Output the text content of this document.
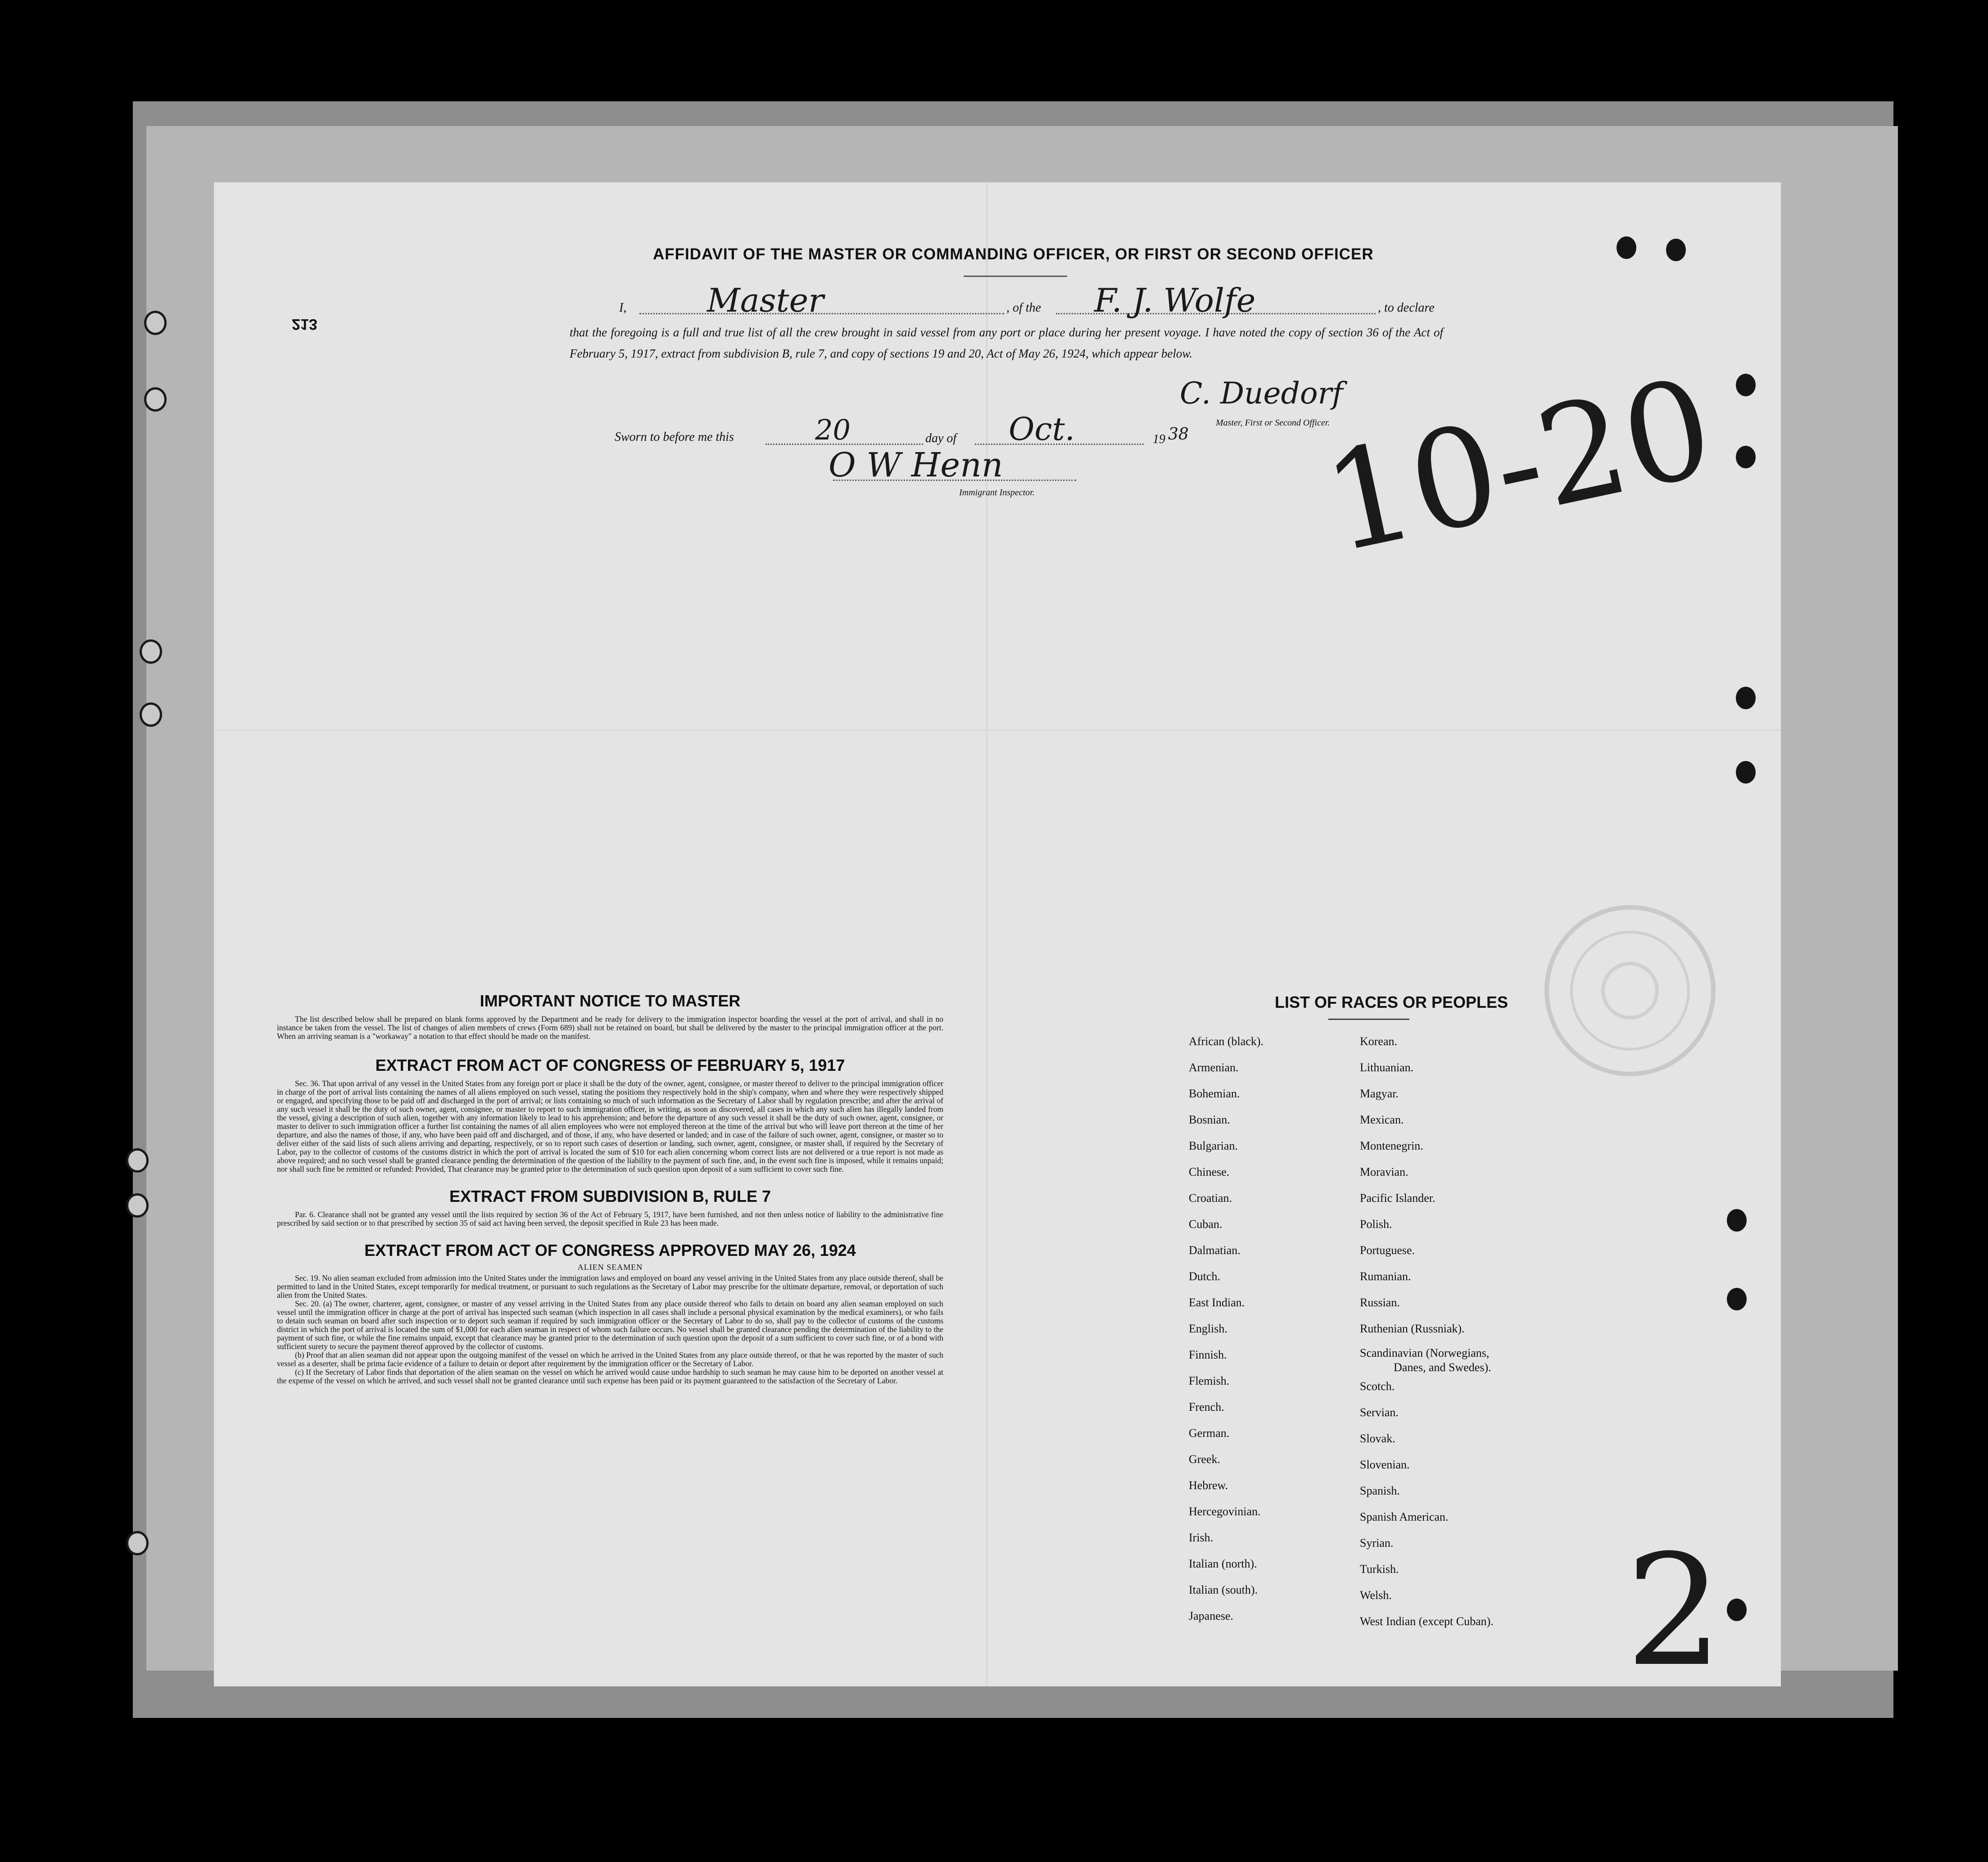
213
AFFIDAVIT OF THE MASTER OR COMMANDING OFFICER, OR FIRST OR SECOND OFFICER
I, Master	, of the F. J. Wolfe	, to declare
that the foregoing is a full and true list of all the crew brought in said vessel from any port or place during her present voyage. I have noted the copy of section 36 of the Act of February 5, 1917, extract from subdivision B, rule 7, and copy of sections 19 and 20, Act of May 26, 1924, which appear below.
C. Duedorf
Master, First or Second Officer.
Sworn to before me this	20	day of Oct.	19 38
O W Henn
Immigrant Inspector. 10-20
2
IMPORTANT NOTICE TO MASTER

The list described below shall be prepared on blank forms approved by the Department and be ready for delivery to the immigration inspector boarding the vessel at the port of arrival, and shall in no instance be taken from the vessel. The list of changes of alien members of crews (Form 689) shall not be retained on board, but shall be delivered by the master to the principal immigration officer at the port. When an arriving seaman is a "workaway" a notation to that effect should be made on the manifest.

EXTRACT FROM ACT OF CONGRESS OF FEBRUARY 5, 1917

Sec. 36. That upon arrival of any vessel in the United States from any foreign port or place it shall be the duty of the owner, agent, consignee, or master thereof to deliver to the principal immigration officer in charge of the port of arrival lists containing the names of all aliens employed on such vessel, stating the positions they respectively hold in the ship's company, when and where they were respectively shipped or engaged, and specifying those to be paid off and discharged in the port of arrival; or lists containing so much of such information as the Secretary of Labor shall by regulation prescribe; and after the arrival of any such vessel it shall be the duty of such owner, agent, consignee, or master to report to such immigration officer, in writing, as soon as discovered, all cases in which any such alien has illegally landed from the vessel, giving a description of such alien, together with any information likely to lead to his apprehension; and before the departure of any such vessel it shall be the duty of such owner, agent, consignee, or master to deliver to such immigration officer a further list containing the names of all alien employees who were not employed thereon at the time of the arrival but who will leave port thereon at the time of her departure, and also the names of those, if any, who have been paid off and discharged, and of those, if any, who have deserted or landed; and in case of the failure of such owner, agent, consignee, or master so to deliver either of the said lists of such aliens arriving and departing, respectively, or so to report such cases of desertion or landing, such owner, agent, consignee, or master shall, if required by the Secretary of Labor, pay to the collector of customs of the customs district in which the port of arrival is located the sum of $10 for each alien concerning whom correct lists are not delivered or a true report is not made as above required; and no such vessel shall be granted clearance pending the determination of the question of the liability to the payment of such fine, and, in the event such fine is imposed, while it remains unpaid; nor shall such fine be remitted or refunded: Provided, That clearance may be granted prior to the determination of such question upon deposit of a sum sufficient to cover such fine.

EXTRACT FROM SUBDIVISION B, RULE 7

Par. 6. Clearance shall not be granted any vessel until the lists required by section 36 of the Act of February 5, 1917, have been furnished, and not then unless notice of liability to the administrative fine prescribed by said section or to that prescribed by section 35 of said act having been served, the deposit specified in Rule 23 has been made.

EXTRACT FROM ACT OF CONGRESS APPROVED MAY 26, 1924
ALIEN SEAMEN

Sec. 19. No alien seaman excluded from admission into the United States under the immigration laws and employed on board any vessel arriving in the United States from any place outside thereof, shall be permitted to land in the United States, except temporarily for medical treatment, or pursuant to such regulations as the Secretary of Labor may prescribe for the ultimate departure, removal, or deportation of such alien from the United States.

Sec. 20. (a) The owner, charterer, agent, consignee, or master of any vessel arriving in the United States from any place outside thereof who fails to detain on board any alien seaman employed on such vessel until the immigration officer in charge at the port of arrival has inspected such seaman (which inspection in all cases shall include a personal physical examination by the medical examiners), or who fails to detain such seaman on board after such inspection or to deport such seaman if required by such immigration officer or the Secretary of Labor to do so, shall pay to the collector of customs of the customs district in which the port of arrival is located the sum of $1,000 for each alien seaman in respect of whom such failure occurs. No vessel shall be granted clearance pending the determination of the liability to the payment of such fine, or while the fine remains unpaid, except that clearance may be granted prior to the determination of such question upon the deposit of a sum sufficient to cover such fine, or of a bond with sufficient surety to secure the payment thereof approved by the collector of customs.

(b) Proof that an alien seaman did not appear upon the outgoing manifest of the vessel on which he arrived in the United States from any place outside thereof, or that he was reported by the master of such vessel as a deserter, shall be prima facie evidence of a failure to detain or deport after requirement by the immigration officer or the Secretary of Labor.

(c) If the Secretary of Labor finds that deportation of the alien seaman on the vessel on which he arrived would cause undue hardship to such seaman he may cause him to be deported on another vessel at the expense of the vessel on which he arrived, and such vessel shall not be granted clearance until such expense has been paid or its payment guaranteed to the satisfaction of the Secretary of Labor.

LIST OF RACES OR PEOPLES
African (black).
Armenian.
Bohemian.
Bosnian.
Bulgarian.
Chinese.
Croatian.
Cuban.
Dalmatian.
Dutch.
East Indian.
English.
Finnish.
Flemish.
French.
German.
Greek.
Hebrew.
Hercegovinian.
Irish.
Italian (north).
Italian (south).
Japanese.
Korean.
Lithuanian.
Magyar.
Mexican.
Montenegrin.
Moravian.
Pacific Islander.
Polish.
Portuguese.
Rumanian.
Russian.
Ruthenian (Russniak).
Scandinavian (Norwegians,
Danes, and Swedes).
Scotch.
Servian.
Slovak.
Slovenian.
Spanish.
Spanish American.
Syrian.
Turkish.
Welsh.
West Indian (except Cuban).
